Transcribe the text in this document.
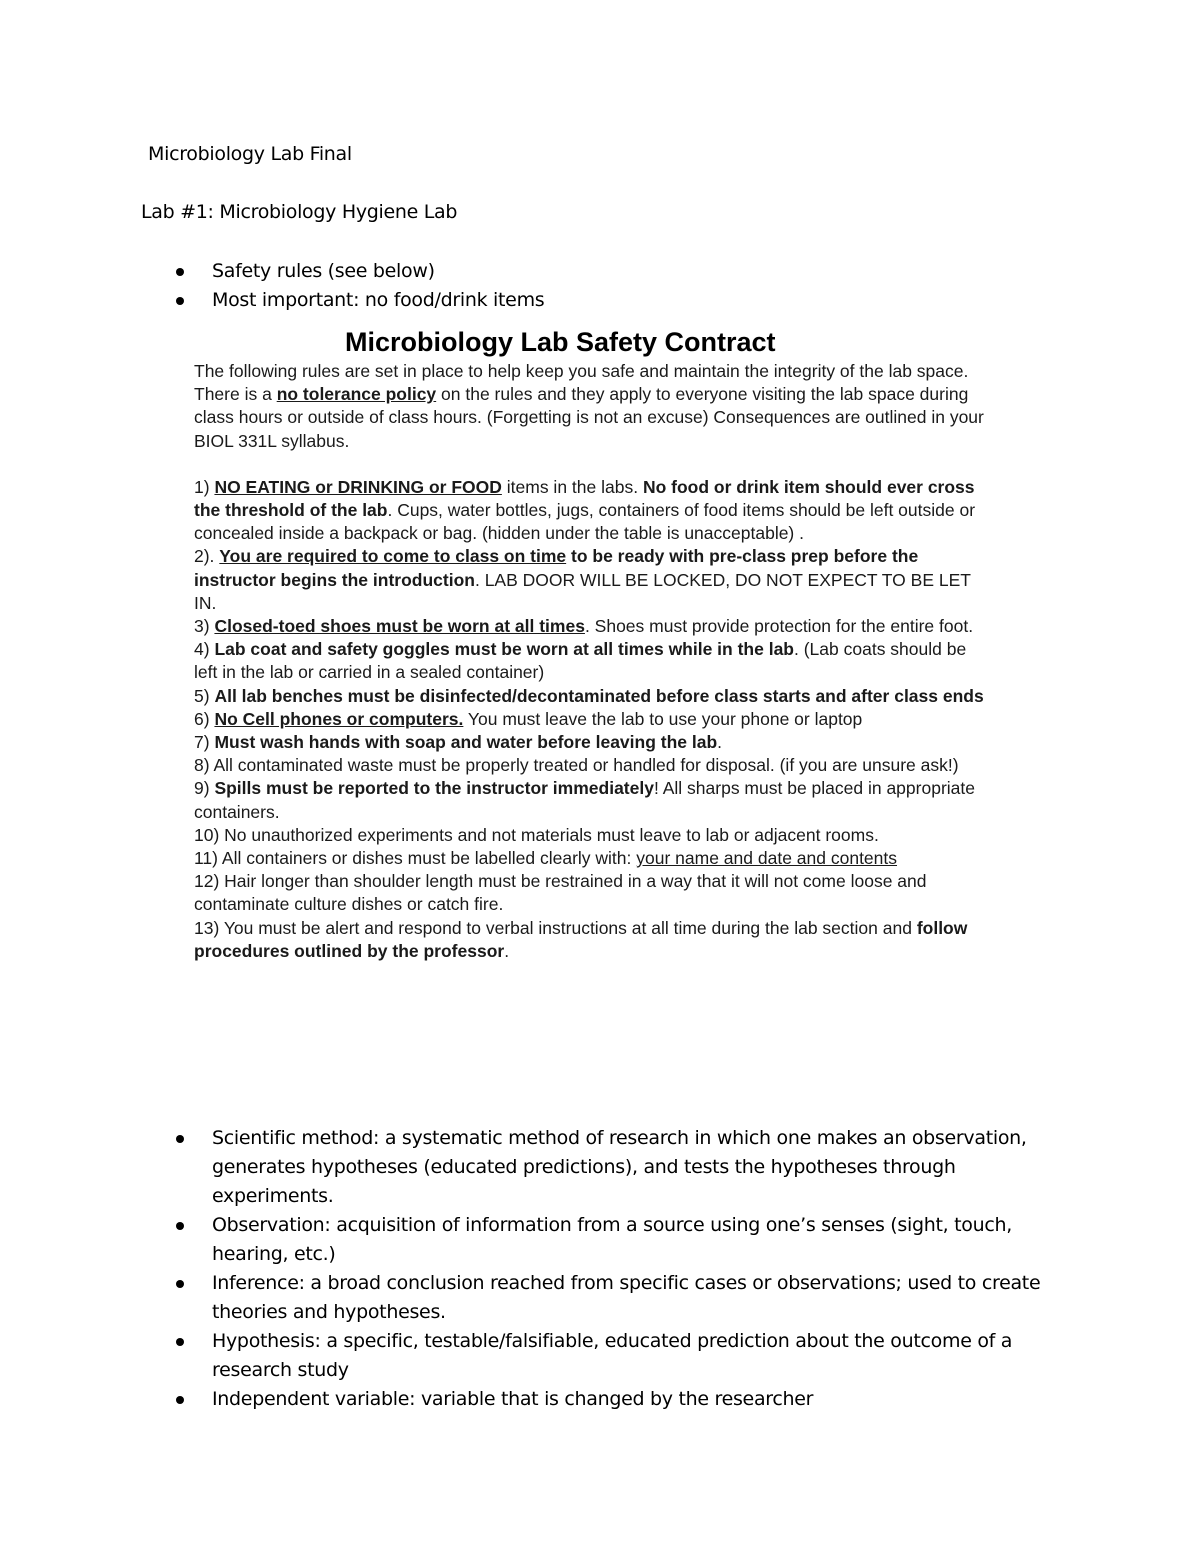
Microbiology Lab Final
Lab #1: Microbiology Hygiene Lab
Safety rules (see below)
Most important: no food/drink items
Microbiology Lab Safety Contract

The following rules are set in place to help keep you safe and maintain the integrity of the lab space. There is a no tolerance policy on the rules and they apply to everyone visiting the lab space during class hours or outside of class hours. (Forgetting is not an excuse) Consequences are outlined in your BIOL 331L syllabus.

1) NO EATING or DRINKING or FOOD items in the labs. No food or drink item should ever cross the threshold of the lab. Cups, water bottles, jugs, containers of food items should be left outside or concealed inside a backpack or bag. (hidden under the table is unacceptable) .

2). You are required to come to class on time to be ready with pre-class prep before the instructor begins the introduction. LAB DOOR WILL BE LOCKED, DO NOT EXPECT TO BE LET IN.

3) Closed-toed shoes must be worn at all times. Shoes must provide protection for the entire foot.

4) Lab coat and safety goggles must be worn at all times while in the lab. (Lab coats should be left in the lab or carried in a sealed container)

5) All lab benches must be disinfected/decontaminated before class starts and after class ends

6) No Cell phones or computers. You must leave the lab to use your phone or laptop

7) Must wash hands with soap and water before leaving the lab.

8) All contaminated waste must be properly treated or handled for disposal. (if you are unsure ask!)

9) Spills must be reported to the instructor immediately! All sharps must be placed in appropriate containers.

10) No unauthorized experiments and not materials must leave to lab or adjacent rooms.

11) All containers or dishes must be labelled clearly with: your name and date and contents

12) Hair longer than shoulder length must be restrained in a way that it will not come loose and contaminate culture dishes or catch fire.

13) You must be alert and respond to verbal instructions at all time during the lab section and follow procedures outlined by the professor.

Scientific method: a systematic method of research in which one makes an observation, generates hypotheses (educated predictions), and tests the hypotheses through experiments.
Observation: acquisition of information from a source using one’s senses (sight, touch, hearing, etc.)
Inference: a broad conclusion reached from specific cases or observations; used to create theories and hypotheses.
Hypothesis: a specific, testable/falsifiable, educated prediction about the outcome of a research study
Independent variable: variable that is changed by the researcher
